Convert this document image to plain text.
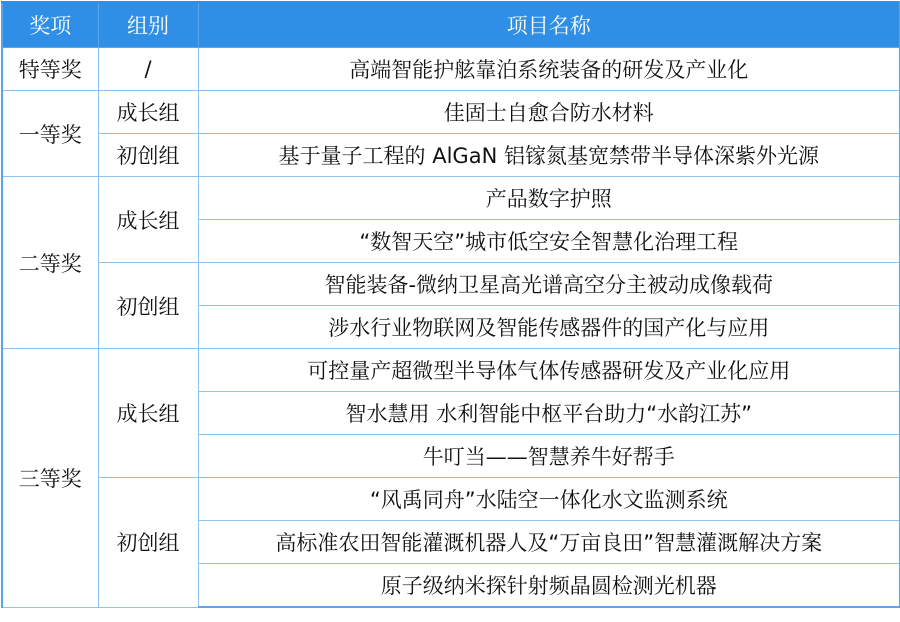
奖项	组别	项目名称
特等奖	/	高端智能护舷靠泊系统装备的研发及产业化
一等奖	成长组	佳固士自愈合防水材料
	初创组	基于量子工程的 AlGaN 铝镓氮基宽禁带半导体深紫外光源
二等奖	成长组	产品数字护照
		“数智天空”城市低空安全智慧化治理工程
	初创组	智能装备-微纳卫星高光谱高空分主被动成像载荷
		涉水行业物联网及智能传感器件的国产化与应用
三等奖	成长组	可控量产超微型半导体气体传感器研发及产业化应用
		智水慧用 水利智能中枢平台助力“水韵江苏”
		牛叮当——智慧养牛好帮手
	初创组	“风禹同舟”水陆空一体化水文监测系统
		高标准农田智能灌溉机器人及“万亩良田”智慧灌溉解决方案
		原子级纳米探针射频晶圆检测光机器
